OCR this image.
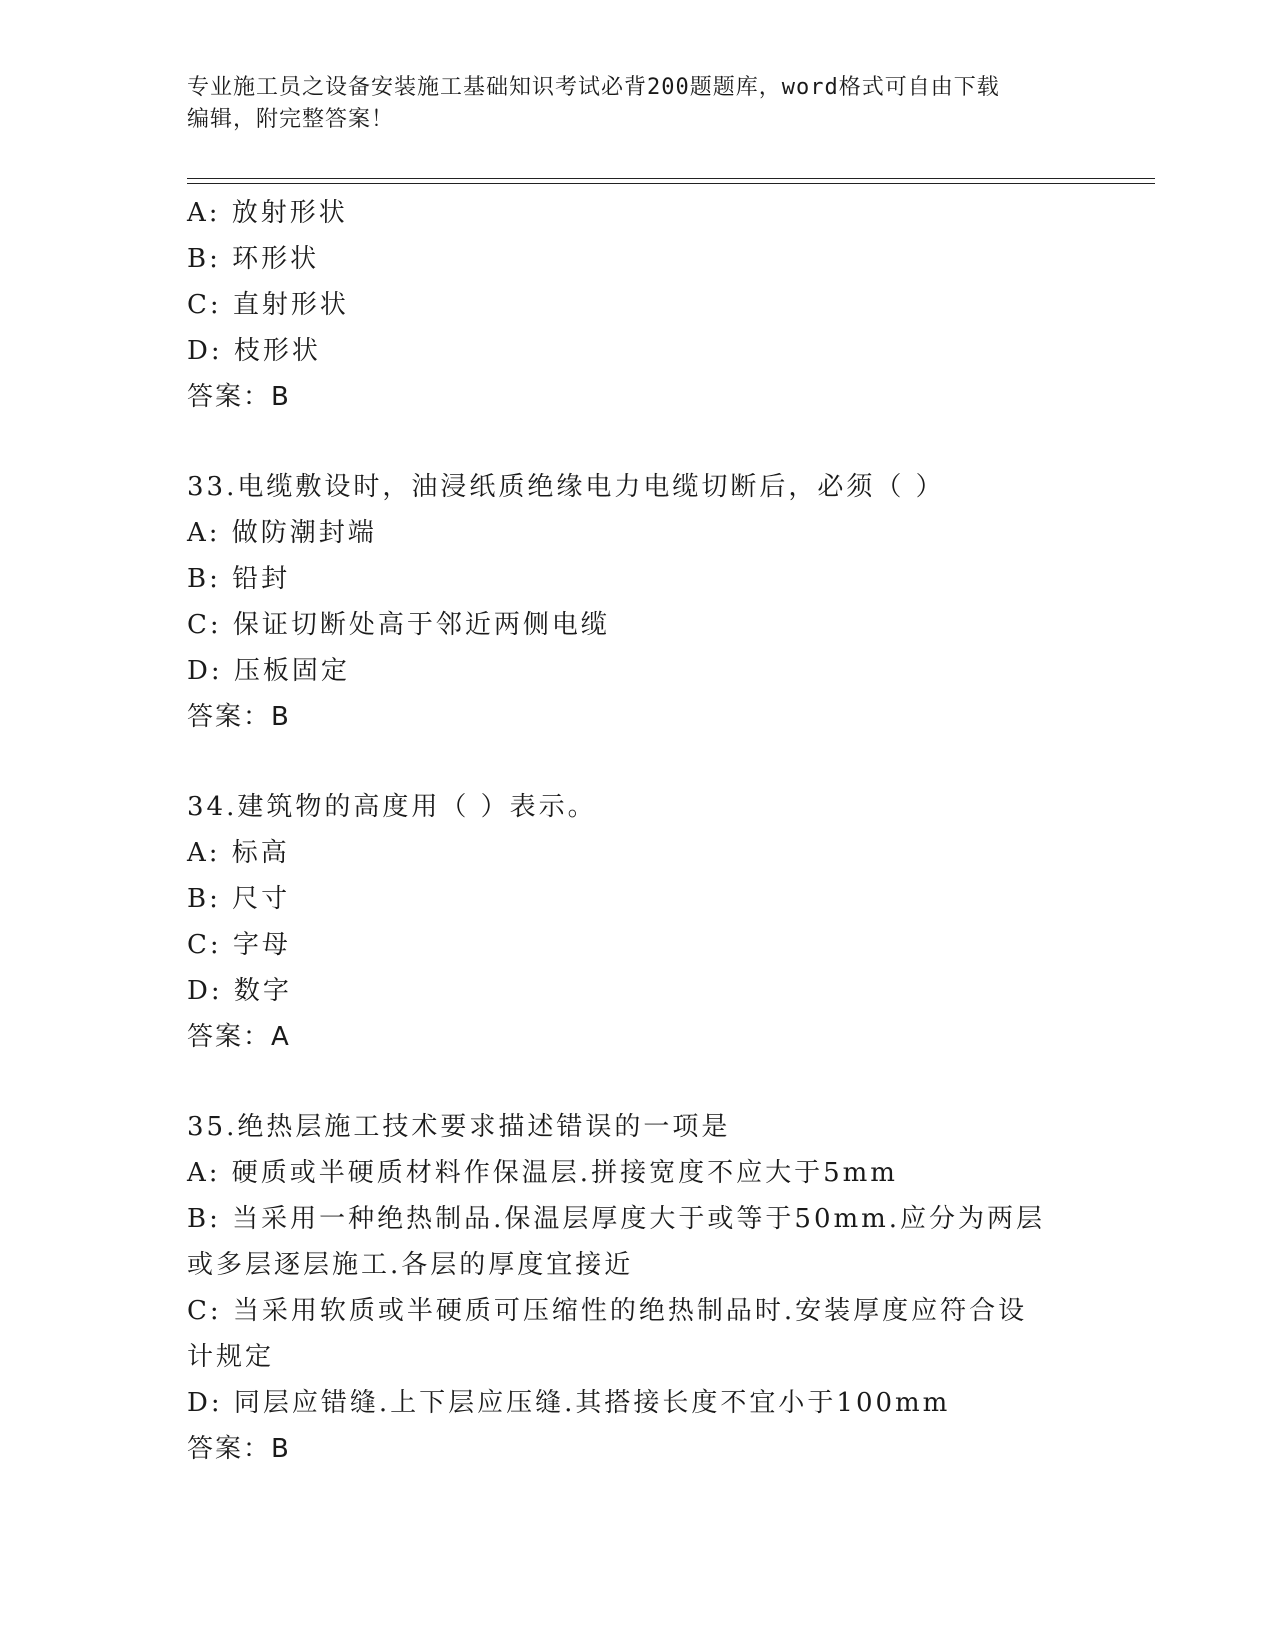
专业施工员之设备安装施工基础知识考试必背200题题库，word格式可自由下载
编辑，附完整答案！
A: 放射形状
B: 环形状
C: 直射形状
D: 枝形状
答案：B
33.电缆敷设时，油浸纸质绝缘电力电缆切断后，必须（ ）
A: 做防潮封端
B: 铅封
C: 保证切断处高于邻近两侧电缆
D: 压板固定
答案：B
34.建筑物的高度用（ ）表示。
A: 标高
B: 尺寸
C: 字母
D: 数字
答案：A
35.绝热层施工技术要求描述错误的一项是
A: 硬质或半硬质材料作保温层.拼接宽度不应大于5mm
B: 当采用一种绝热制品.保温层厚度大于或等于50mm.应分为两层或多层逐层施工.各层的厚度宜接近
C: 当采用软质或半硬质可压缩性的绝热制品时.安装厚度应符合设计规定
D: 同层应错缝.上下层应压缝.其搭接长度不宜小于100mm
答案：B
